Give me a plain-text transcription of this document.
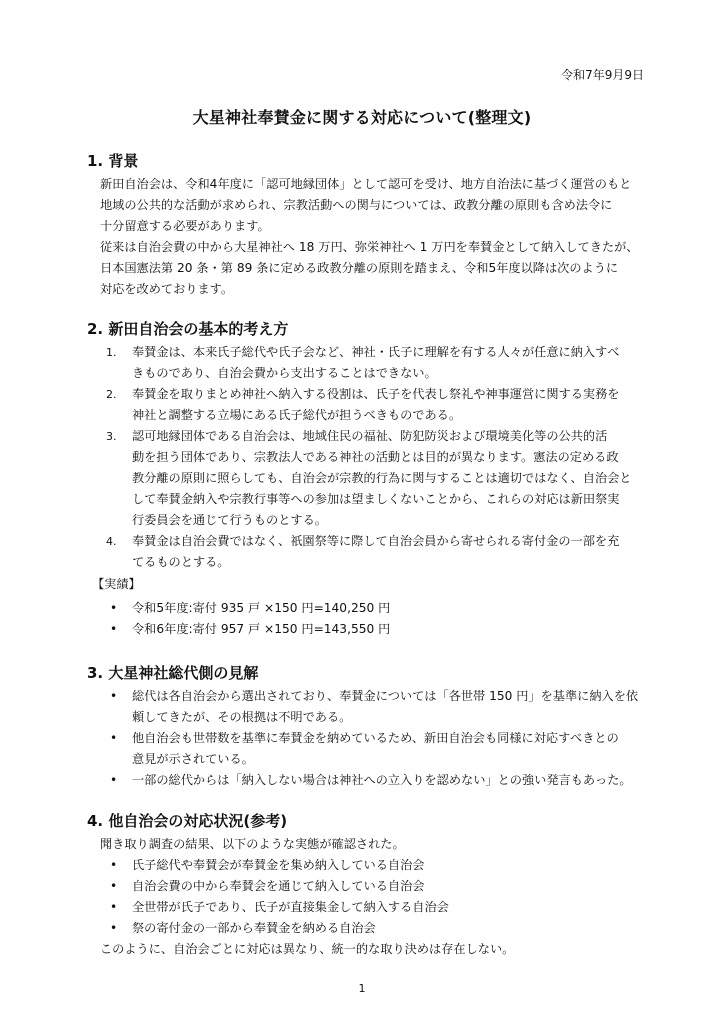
令和7年9月9日
大星神社奉賛金に関する対応について(整理文)
1. 背景
新田自治会は、令和4年度に「認可地縁団体」として認可を受け、地方自治法に基づく運営のもと
地域の公共的な活動が求められ、宗教活動への関与については、政教分離の原則も含め法令に
十分留意する必要があります。
従来は自治会費の中から大星神社へ 18 万円、弥栄神社へ 1 万円を奉賛金として納入してきたが、
日本国憲法第 20 条・第 89 条に定める政教分離の原則を踏まえ、令和5年度以降は次のように
対応を改めております。
2. 新田自治会の基本的考え方
1. 奉賛金は、本来氏子総代や氏子会など、神社・氏子に理解を有する人々が任意に納入すべ
きものであり、自治会費から支出することはできない。
2. 奉賛金を取りまとめ神社へ納入する役割は、氏子を代表し祭礼や神事運営に関する実務を
神社と調整する立場にある氏子総代が担うべきものである。
3. 認可地縁団体である自治会は、地域住民の福祉、防犯防災および環境美化等の公共的活
動を担う団体であり、宗教法人である神社の活動とは目的が異なります。憲法の定める政
教分離の原則に照らしても、自治会が宗教的行為に関与することは適切ではなく、自治会と
して奉賛金納入や宗教行事等への参加は望ましくないことから、これらの対応は新田祭実
行委員会を通じて行うものとする。
4. 奉賛金は自治会費ではなく、祇園祭等に際して自治会員から寄せられる寄付金の一部を充
てるものとする。
【実績】
• 令和5年度:寄付 935 戸 ×150 円=140,250 円
• 令和6年度:寄付 957 戸 ×150 円=143,550 円
3. 大星神社総代側の見解
• 総代は各自治会から選出されており、奉賛金については「各世帯 150 円」を基準に納入を依
頼してきたが、その根拠は不明である。
• 他自治会も世帯数を基準に奉賛金を納めているため、新田自治会も同様に対応すべきとの
意見が示されている。
• 一部の総代からは「納入しない場合は神社への立入りを認めない」との強い発言もあった。
4. 他自治会の対応状況(参考)
聞き取り調査の結果、以下のような実態が確認された。
• 氏子総代や奉賛会が奉賛金を集め納入している自治会
• 自治会費の中から奉賛会を通じて納入している自治会
• 全世帯が氏子であり、氏子が直接集金して納入する自治会
• 祭の寄付金の一部から奉賛金を納める自治会
このように、自治会ごとに対応は異なり、統一的な取り決めは存在しない。
1
